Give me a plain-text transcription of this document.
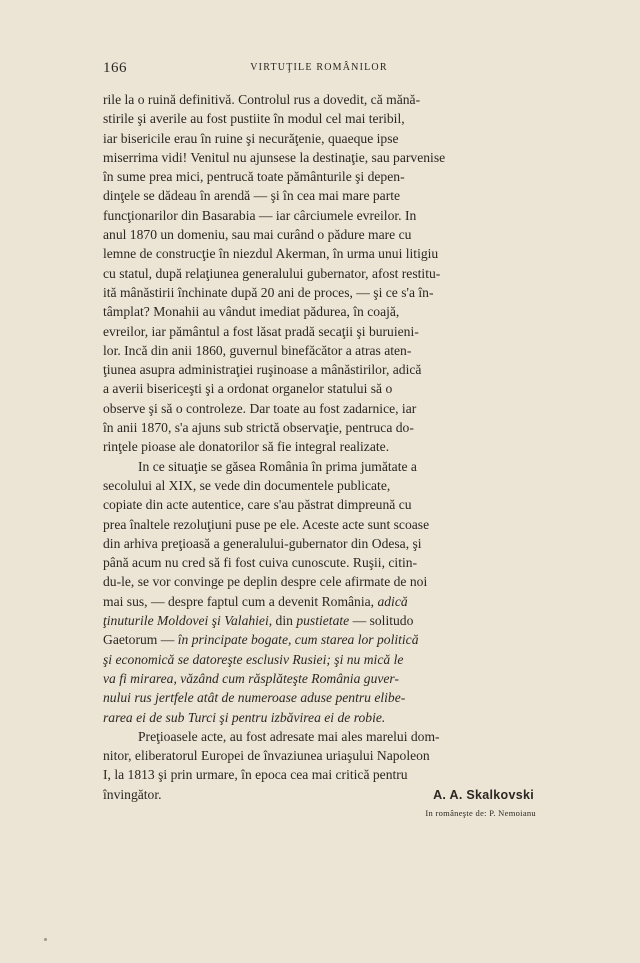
166	VIRTUŢILE ROMÂNILOR

rile la o ruină definitivă. Controlul rus a dovedit, că mănă-
stirile şi averile au fost pustiite în modul cel mai teribil,
iar bisericile erau în ruine şi necurăţenie, quaeque ipse
miserrima vidi! Venitul nu ajunsese la destinaţie, sau parvenise
în sume prea mici, pentrucă toate pământurile şi depen-
dinţele se dădeau în arendă — şi în cea mai mare parte
funcţionarilor din Basarabia — iar cârciumele evreilor. In
anul 1870 un domeniu, sau mai curând o pădure mare cu
lemne de construcţie în niezdul Akerman, în urma unui litigiu
cu statul, după relaţiunea generalului gubernator, afost restitu-
ită mânăstirii închinate după 20 ani de proces, — şi ce s'a în-
tâmplat? Monahii au vândut imediat pădurea, în coajă,
evreilor, iar pământul a fost lăsat pradă secaţii şi buruieni-
lor. Incă din anii 1860, guvernul binefăcător a atras aten-
ţiunea asupra administraţiei ruşinoase a mânăstirilor, adică
a averii bisericeşti şi a ordonat organelor statului să o
observe şi să o controleze. Dar toate au fost zadarnice, iar
în anii 1870, s'a ajuns sub strictă observaţie, pentruca do-
rinţele pioase ale donatorilor să fie integral realizate.

In ce situaţie se găsea România în prima jumătate a
secolului al XIX, se vede din documentele publicate,
copiate din acte autentice, care s'au păstrat dimpreună cu
prea înaltele rezoluţiuni puse pe ele. Aceste acte sunt scoase
din arhiva preţioasă a generalului-gubernator din Odesa, şi
până acum nu cred să fi fost cuiva cunoscute. Ruşii, citin-
du-le, se vor convinge pe deplin despre cele afirmate de noi
mai sus, — despre faptul cum a devenit România, adică
ţinuturile Moldovei şi Valahiei, din pustietate — solitudo
Gaetorum — în principate bogate, cum starea lor politică
şi economică se datoreşte esclusiv Rusiei; şi nu mică le
va fi mirarea, văzând cum răsplăteşte România guver-
nului rus jertfele atât de numeroase aduse pentru elibe-
rarea ei de sub Turci şi pentru izbăvirea ei de robie.

Preţioasele acte, au fost adresate mai ales marelui dom-
nitor, eliberatorul Europei de învaziunea uriaşului Napoleon
I, la 1813 şi prin urmare, în epoca cea mai critică pentru
învingător.	A. A. Skalkovski
In româneşte de: P. Nemoianu
